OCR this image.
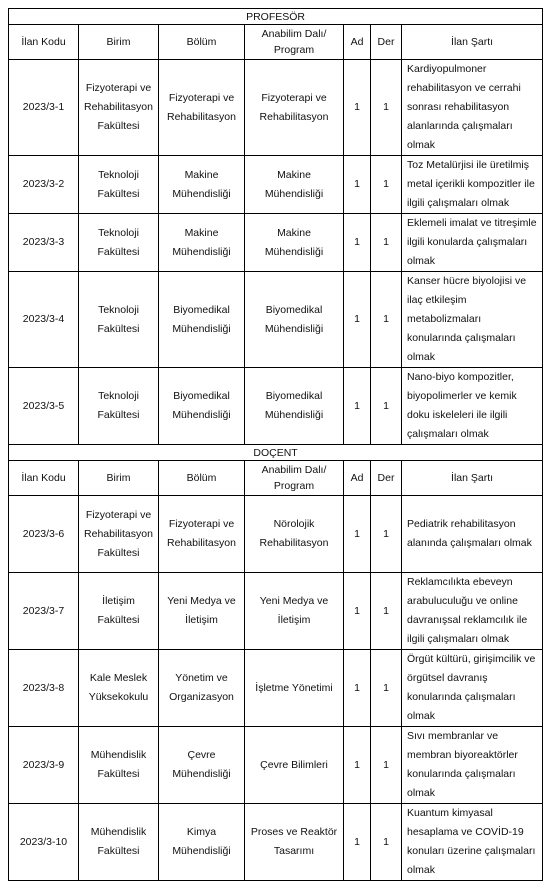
PROFESÖR						
İlan Kodu	Birim	Bölüm	Anabilim Dalı/ Program	Ad	Der	İlan Şartı
2023/3-1	Fizyoterapi ve Rehabilitasyon Fakültesi	Fizyoterapi ve Rehabilitasyon	Fizyoterapi ve Rehabilitasyon	1	1	Kardiyopulmoner rehabilitasyon ve cerrahi sonrası rehabilitasyon alanlarında çalışmaları olmak
2023/3-2	Teknoloji Fakültesi	Makine Mühendisliği	Makine Mühendisliği	1	1	Toz Metalürjisi ile üretilmiş metal içerikli kompozitler ile ilgili çalışmaları olmak
2023/3-3	Teknoloji Fakültesi	Makine Mühendisliği	Makine Mühendisliği	1	1	Eklemeli imalat ve titreşimle ilgili konularda çalışmaları olmak
2023/3-4	Teknoloji Fakültesi	Biyomedikal Mühendisliği	Biyomedikal Mühendisliği	1	1	Kanser hücre biyolojisi ve ilaç etkileşim metabolizmaları konularında çalışmaları olmak
2023/3-5	Teknoloji Fakültesi	Biyomedikal Mühendisliği	Biyomedikal Mühendisliği	1	1	Nano-biyo kompozitler, biyopolimerler ve kemik doku iskeleleri ile ilgili çalışmaları olmak
DOÇENT						
İlan Kodu	Birim	Bölüm	Anabilim Dalı/ Program	Ad	Der	İlan Şartı
2023/3-6	Fizyoterapi ve Rehabilitasyon Fakültesi	Fizyoterapi ve Rehabilitasyon	Nörolojik Rehabilitasyon	1	1	Pediatrik rehabilitasyon alanında çalışmaları olmak
2023/3-7	İletişim Fakültesi	Yeni Medya ve İletişim	Yeni Medya ve İletişim	1	1	Reklamcılıkta ebeveyn arabuluculuğu ve online davranışsal reklamcılık ile ilgili çalışmaları olmak
2023/3-8	Kale Meslek Yüksekokulu	Yönetim ve Organizasyon	İşletme Yönetimi	1	1	Örgüt kültürü, girişimcilik ve örgütsel davranış konularında çalışmaları olmak
2023/3-9	Mühendislik Fakültesi	Çevre Mühendisliği	Çevre Bilimleri	1	1	Sıvı membranlar ve membran biyoreaktörler konularında çalışmaları olmak
2023/3-10	Mühendislik Fakültesi	Kimya Mühendisliği	Proses ve Reaktör Tasarımı	1	1	Kuantum kimyasal hesaplama ve COVİD-19 konuları üzerine çalışmaları olmak
